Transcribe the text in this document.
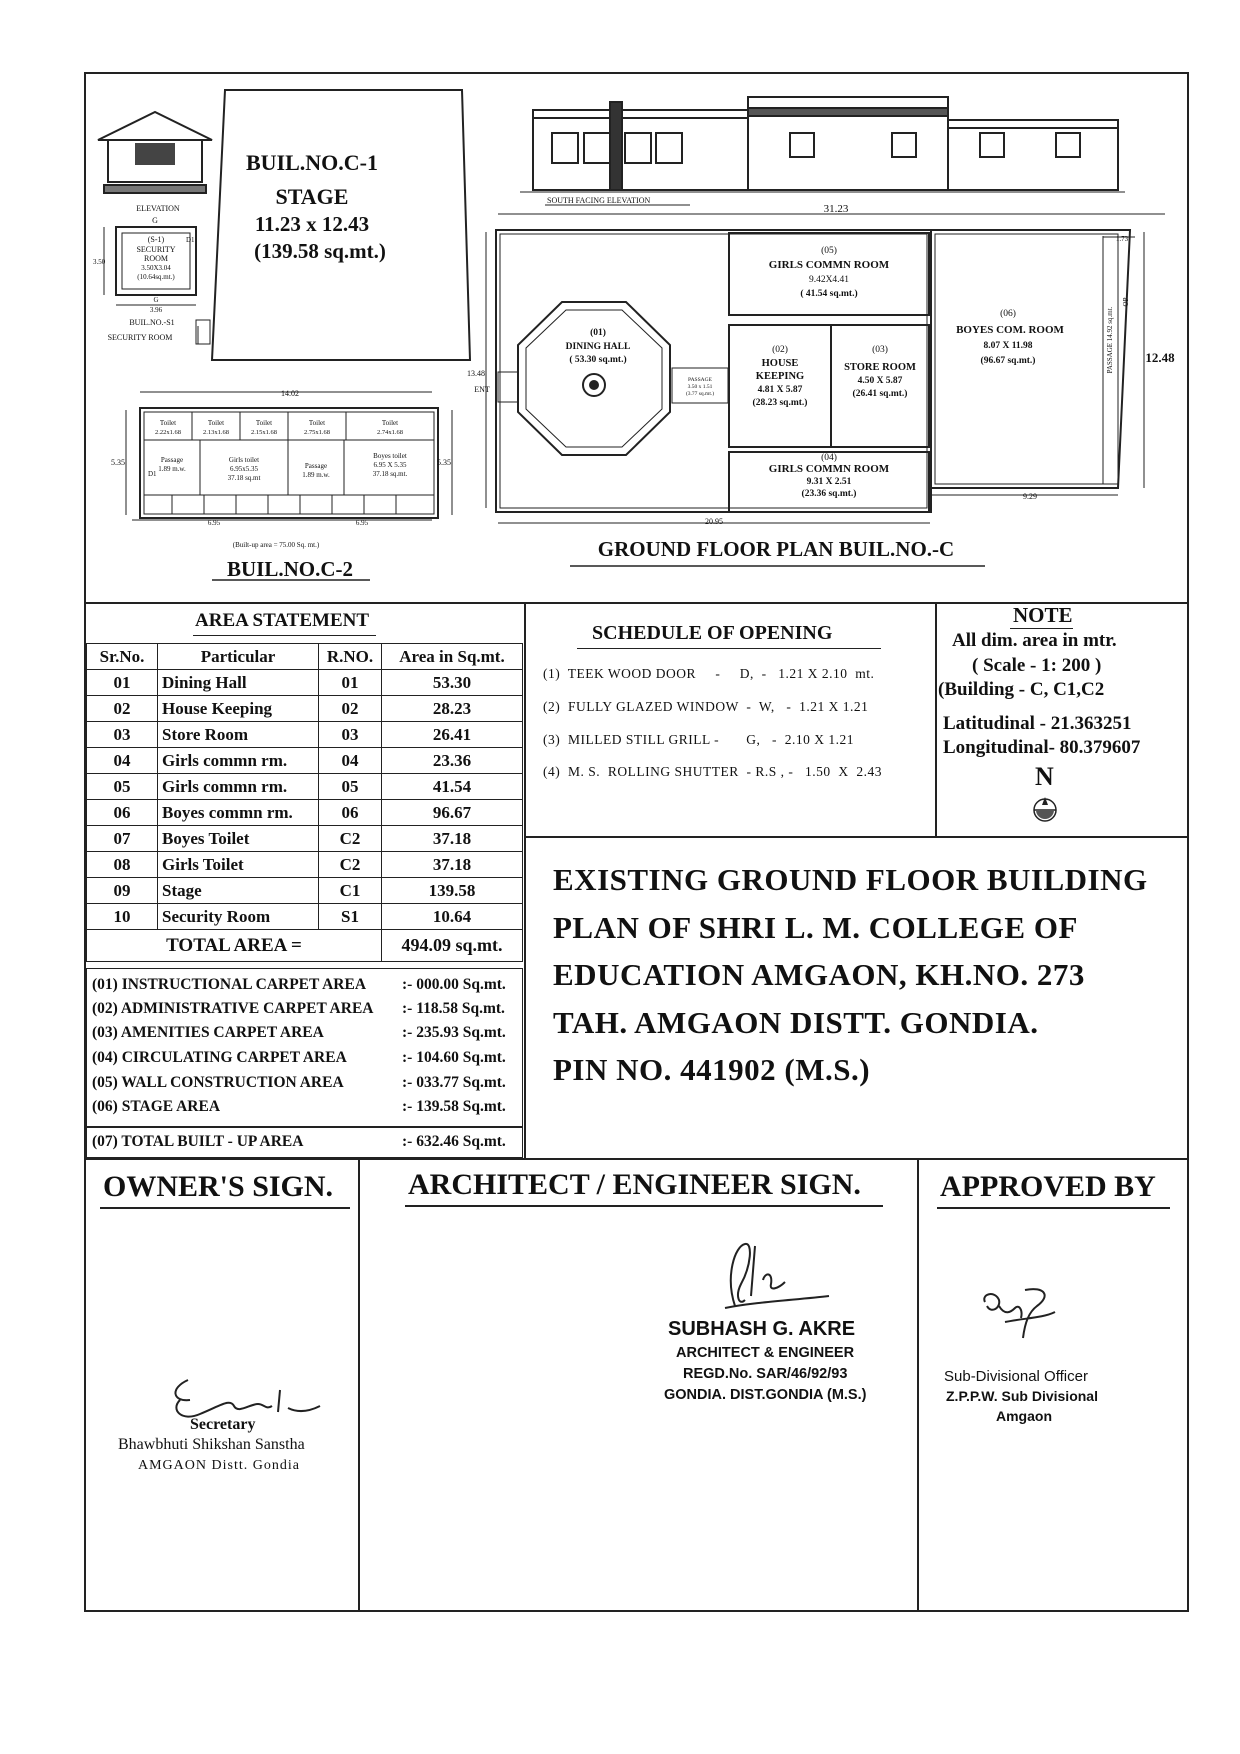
ELEVATION
G
(S-1)
SECURITY
ROOM
3.50X3.04
(10.64sq.mt.)
D1
3.50
G
3.96
BUIL.NO.-S1
SECURITY ROOM
BUIL.NO.C-1
STAGE
11.23 x 12.43
(139.58 sq.mt.)
14.02
5.35	5.35
Toilet
2.22x1.68
Toilet
2.13x1.68
Toilet
2.15x1.68
Toilet
2.75x1.68
Toilet
2.74x1.68
Passage
1.89 m.w.
Girls toilet
6.95x5.35
37.18 sq.mt
Passage
1.89 m.w.
Boyes toilet
6.95 X 5.35
37.18 sq.mt.
D1
6.95	6.95
(Built-up area = 75.00 Sq. mt.)
BUIL.NO.C-2
SOUTH FACING ELEVATION
31.23
13.48
ENT
12.48
20.95
9.29
1.73
PASSAGE
3.50 x 1.51
(3.77 sq.mt.)
PASSAGE 14.92 sq.mt.
OP
(01)
DINING HALL
( 53.30 sq.mt.)
(05)
GIRLS COMMN ROOM
9.42X4.41
( 41.54 sq.mt.)
(02)
HOUSE
KEEPING
4.81 X 5.87
(28.23 sq.mt.)
(03)
STORE ROOM
4.50 X 5.87
(26.41 sq.mt.)
(04)
GIRLS COMMN ROOM
9.31 X 2.51
(23.36 sq.mt.)
(06)
BOYES COM. ROOM
8.07 X 11.98
(96.67 sq.mt.)
GROUND FLOOR PLAN BUIL.NO.-C
AREA STATEMENT
Sr.No.	Particular	R.NO.	Area in Sq.mt.
01	Dining Hall	01	53.30
02	House Keeping	02	28.23
03	Store Room	03	26.41
04	Girls commn rm.	04	23.36
05	Girls commn rm.	05	41.54
06	Boyes commn rm.	06	96.67
07	Boyes Toilet	C2	37.18
08	Girls Toilet	C2	37.18
09	Stage	C1	139.58
10	Security Room	S1	10.64
TOTAL AREA =			494.09 sq.mt.
(01) INSTRUCTIONAL CARPET AREA :- 000.00 Sq.mt.
(02) ADMINISTRATIVE CARPET AREA :- 118.58 Sq.mt.
(03) AMENITIES CARPET AREA	:- 235.93 Sq.mt.
(04) CIRCULATING CARPET AREA	:- 104.60 Sq.mt.
(05) WALL CONSTRUCTION AREA	:- 033.77 Sq.mt.
(06) STAGE AREA	:- 139.58 Sq.mt.
(07) TOTAL BUILT - UP AREA	:- 632.46 Sq.mt.
SCHEDULE OF OPENING
(1)  TEEK WOOD DOOR     -     D,  -   1.21 X 2.10  mt.
(2)  FULLY GLAZED WINDOW  -  W,   -  1.21 X 1.21
(3)  MILLED STILL GRILL -       G,   -  2.10 X 1.21
(4)  M. S.  ROLLING SHUTTER  - R.S , -   1.50  X  2.43
NOTE
All dim. area in mtr.
( Scale - 1: 200 )
(Building - C, C1,C2
Latitudinal - 21.363251
Longitudinal- 80.379607
N
EXISTING GROUND FLOOR BUILDING
PLAN OF SHRI L. M. COLLEGE OF
EDUCATION AMGAON, KH.NO. 273
TAH. AMGAON DISTT. GONDIA.
PIN NO. 441902 (M.S.)
OWNER'S SIGN. ARCHITECT / ENGINEER SIGN.	APPROVED BY
Secretary
Bhawbhuti Shikshan Sanstha
AMGAON Distt. Gondia
SUBHASH G. AKRE
ARCHITECT & ENGINEER
REGD.No. SAR/46/92/93
GONDIA. DIST.GONDIA (M.S.)
Sub-Divisional Officer
Z.P.P.W. Sub Divisional
Amgaon
